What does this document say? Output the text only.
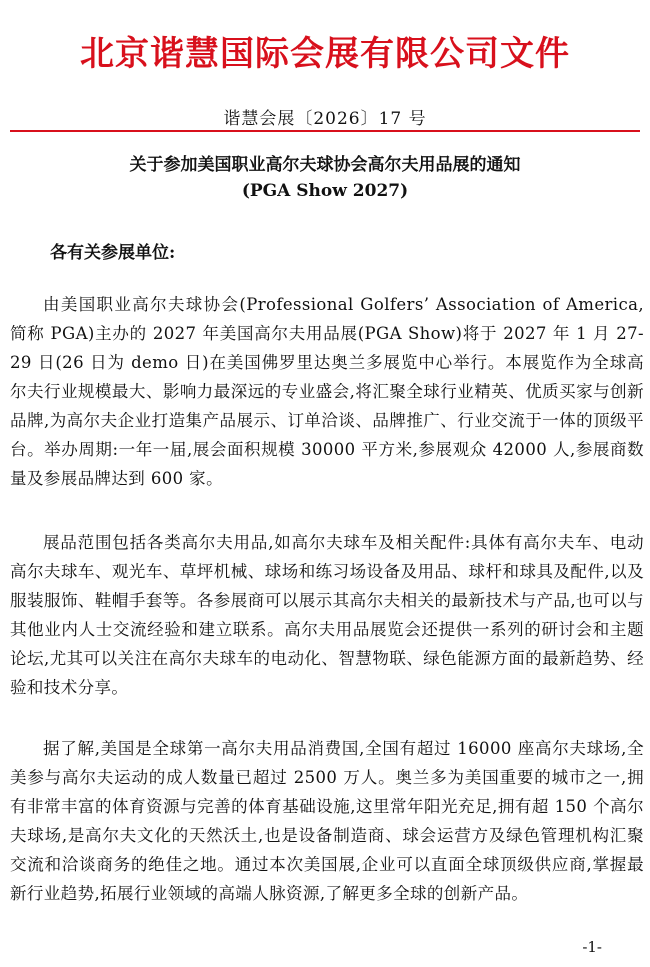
北京谐慧国际会展有限公司文件
谐慧会展〔2026〕17 号
关于参加美国职业高尔夫球协会高尔夫用品展的通知
(PGA Show 2027)
各有关参展单位:
由美国职业高尔夫球协会(Professional Golfers’ Association of America,简称 PGA)主办的 2027 年美国高尔夫用品展(PGA Show)将于 2027 年 1 月 27-29 日(26 日为 demo 日)在美国佛罗里达奥兰多展览中心举行。本展览作为全球高尔夫行业规模最大、影响力最深远的专业盛会,将汇聚全球行业精英、优质买家与创新品牌,为高尔夫企业打造集产品展示、订单洽谈、品牌推广、行业交流于一体的顶级平台。举办周期:一年一届,展会面积规模 30000 平方米,参展观众 42000 人,参展商数量及参展品牌达到 600 家。
展品范围包括各类高尔夫用品,如高尔夫球车及相关配件:具体有高尔夫车、电动高尔夫球车、观光车、草坪机械、球场和练习场设备及用品、球杆和球具及配件,以及服装服饰、鞋帽手套等。各参展商可以展示其高尔夫相关的最新技术与产品,也可以与其他业内人士交流经验和建立联系。高尔夫用品展览会还提供一系列的研讨会和主题论坛,尤其可以关注在高尔夫球车的电动化、智慧物联、绿色能源方面的最新趋势、经验和技术分享。
据了解,美国是全球第一高尔夫用品消费国,全国有超过 16000 座高尔夫球场,全美参与高尔夫运动的成人数量已超过 2500 万人。奥兰多为美国重要的城市之一,拥有非常丰富的体育资源与完善的体育基础设施,这里常年阳光充足,拥有超 150 个高尔夫球场,是高尔夫文化的天然沃土,也是设备制造商、球会运营方及绿色管理机构汇聚交流和洽谈商务的绝佳之地。通过本次美国展,企业可以直面全球顶级供应商,掌握最新行业趋势,拓展行业领域的高端人脉资源,了解更多全球的创新产品。
-1-
